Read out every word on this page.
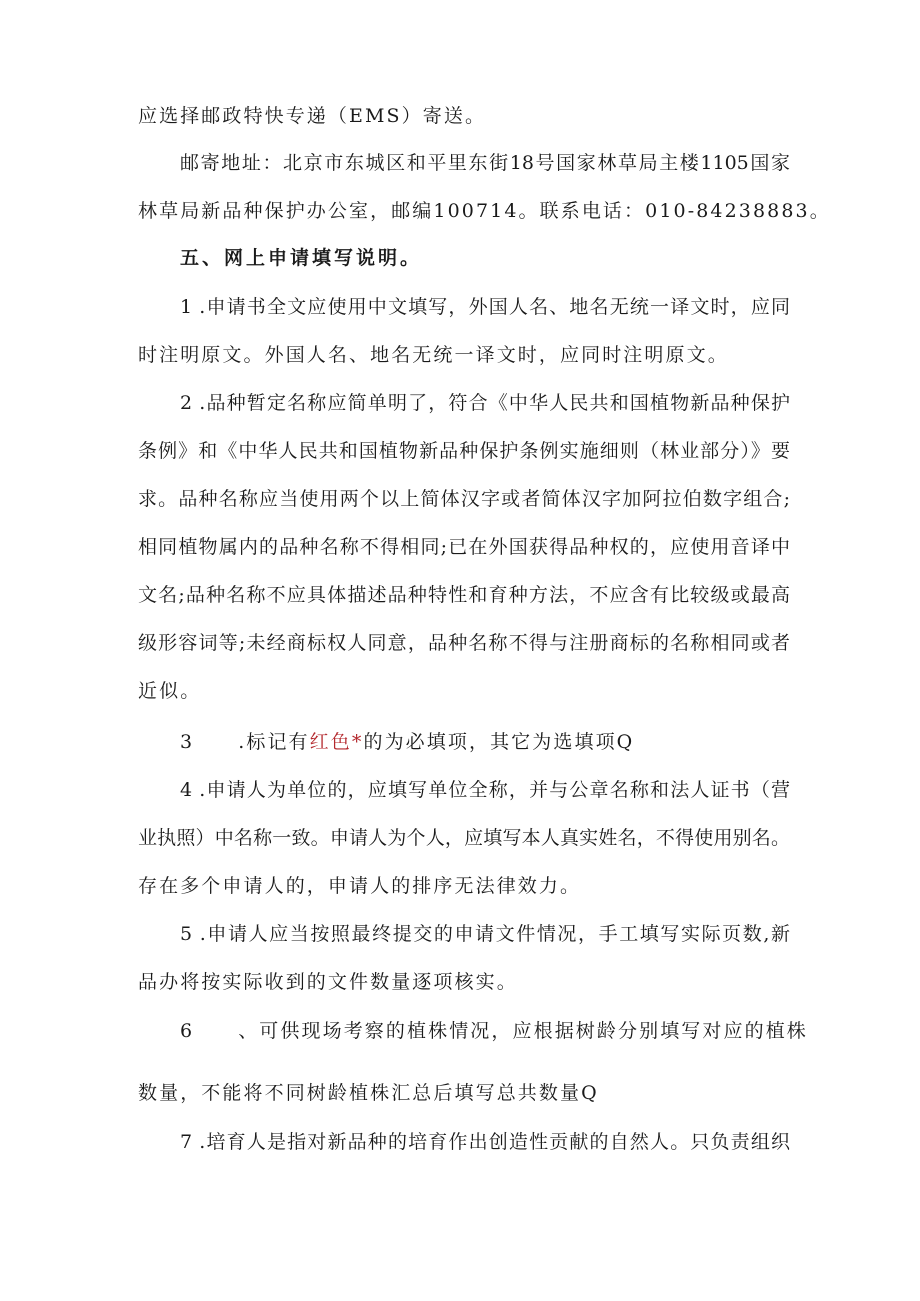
应选择邮政特快专递（EMS）寄送。
邮寄地址：北京市东城区和平里东街18号国家林草局主楼1105国家
林草局新品种保护办公室，邮编100714。联系电话：010-84238883。
五、网上申请填写说明。
1 .申请书全文应使用中文填写，外国人名、地名无统一译文时，应同
时注明原文。外国人名、地名无统一译文时，应同时注明原文。
2 .品种暂定名称应简单明了，符合《中华人民共和国植物新品种保护
条例》和《中华人民共和国植物新品种保护条例实施细则（林业部分）》要
求。品种名称应当使用两个以上简体汉字或者简体汉字加阿拉伯数字组合;
相同植物属内的品种名称不得相同;已在外国获得品种权的，应使用音译中
文名;品种名称不应具体描述品种特性和育种方法，不应含有比较级或最高
级形容词等;未经商标权人同意，品种名称不得与注册商标的名称相同或者
近似。
3 .标记有红色*的为必填项，其它为选填项Q
4 .申请人为单位的，应填写单位全称，并与公章名称和法人证书（营
业执照）中名称一致。申请人为个人，应填写本人真实姓名，不得使用别名。
存在多个申请人的，申请人的排序无法律效力。
5 .申请人应当按照最终提交的申请文件情况，手工填写实际页数,新
品办将按实际收到的文件数量逐项核实。
6 、可供现场考察的植株情况，应根据树龄分别填写对应的植株
数量，不能将不同树龄植株汇总后填写总共数量Q
7 .培育人是指对新品种的培育作出创造性贡献的自然人。只负责组织
